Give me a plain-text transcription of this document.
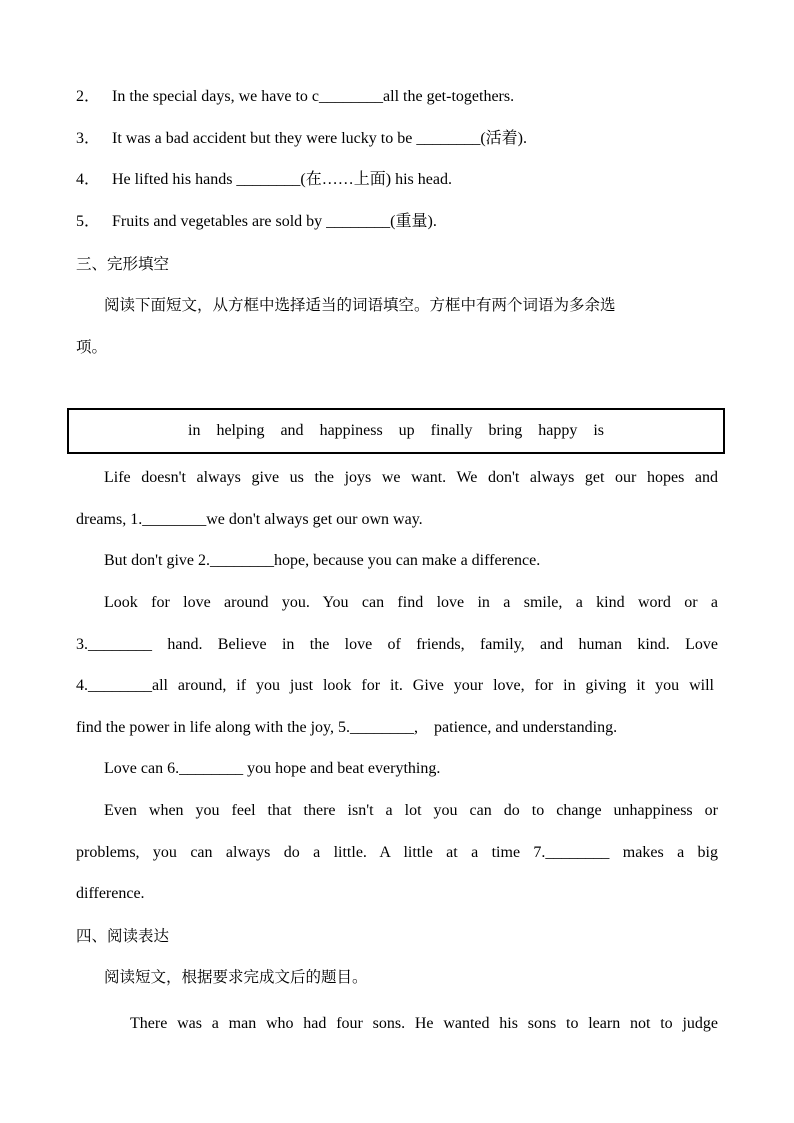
2． In the special days, we have to c________all the get-togethers.
3． It was a bad accident but they were lucky to be ________(活着).
4． He lifted his hands ________(在……上面) his head.
5． Fruits and vegetables are sold by ________(重量).
三、完形填空
阅读下面短文，从方框中选择适当的词语填空。方框中有两个词语为多余选
项。
in helping and happiness up finally bring happy is
Life doesn't always give us the joys we want. We don't always get our hopes and
dreams, 1.________we don't always get our own way.
But don't give 2.________hope, because you can make a difference.
Look for love around you. You can find love in a smile, a kind word or a
3.________ hand. Believe in the love of friends, family, and human kind. Love
4.________all around, if you just look for it. Give your love, for in giving it you will
find the power in life along with the joy, 5.________,    patience, and understanding.
Love can 6.________ you hope and beat everything.
Even when you feel that there isn't a lot you can do to change unhappiness or
problems, you can always do a little. A little at a time 7.________ makes a big
difference.
四、阅读表达
阅读短文，根据要求完成文后的题目。
There was a man who had four sons. He wanted his sons to learn not to judge
